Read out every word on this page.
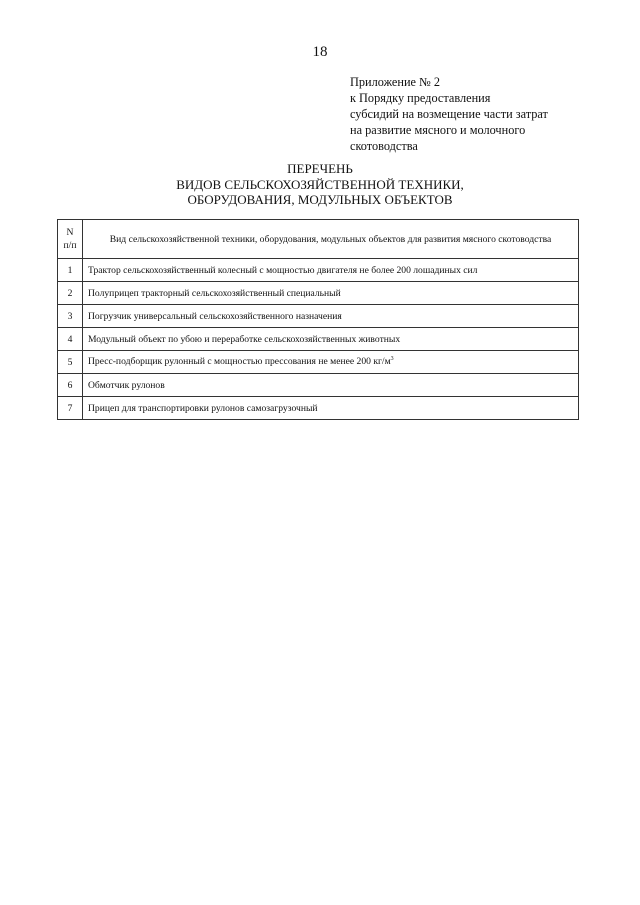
18
Приложение № 2
к Порядку предоставления
субсидий на возмещение части затрат
на развитие мясного и молочного
скотоводства
ПЕРЕЧЕНЬ
ВИДОВ СЕЛЬСКОХОЗЯЙСТВЕННОЙ ТЕХНИКИ,
ОБОРУДОВАНИЯ, МОДУЛЬНЫХ ОБЪЕКТОВ
N
п/п	Вид сельскохозяйственной техники, оборудования, модульных объектов для развития мясного скотоводства
1	Трактор сельскохозяйственный колесный с мощностью двигателя не более 200 лошадиных сил
2	Полуприцеп тракторный сельскохозяйственный специальный
3	Погрузчик универсальный сельскохозяйственного назначения
4	Модульный объект по убою и переработке сельскохозяйственных животных
5	Пресс-подборщик рулонный с мощностью прессования не менее 200 $кг/м^3$
6	Обмотчик рулонов
7	Прицеп для транспортировки рулонов самозагрузочный
